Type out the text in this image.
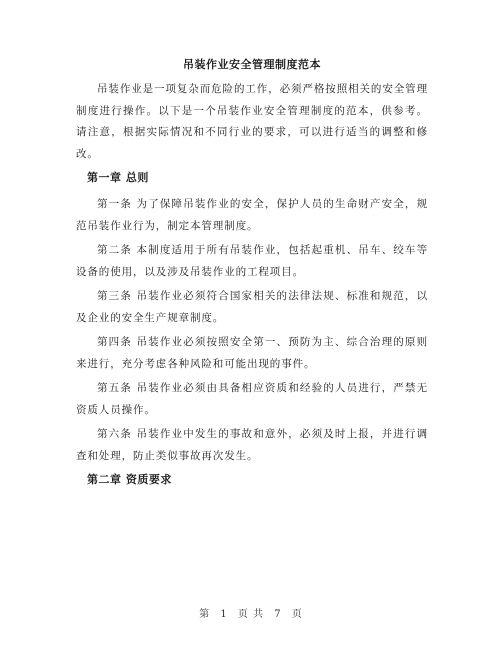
吊装作业安全管理制度范本

吊装作业是一项复杂而危险的工作，必须严格按照相关的安全管理制度进行操作。以下是一个吊装作业安全管理制度的范本，供参考。请注意，根据实际情况和不同行业的要求，可以进行适当的调整和修改。

第一章 总则

第一条 为了保障吊装作业的安全，保护人员的生命财产安全，规范吊装作业行为，制定本管理制度。

第二条 本制度适用于所有吊装作业，包括起重机、吊车、绞车等设备的使用，以及涉及吊装作业的工程项目。

第三条 吊装作业必须符合国家相关的法律法规、标准和规范，以及企业的安全生产规章制度。

第四条 吊装作业必须按照安全第一、预防为主、综合治理的原则来进行，充分考虑各种风险和可能出现的事件。

第五条 吊装作业必须由具备相应资质和经验的人员进行，严禁无资质人员操作。

第六条 吊装作业中发生的事故和意外，必须及时上报，并进行调查和处理，防止类似事故再次发生。

第二章 资质要求
第 1 页 共 7 页
